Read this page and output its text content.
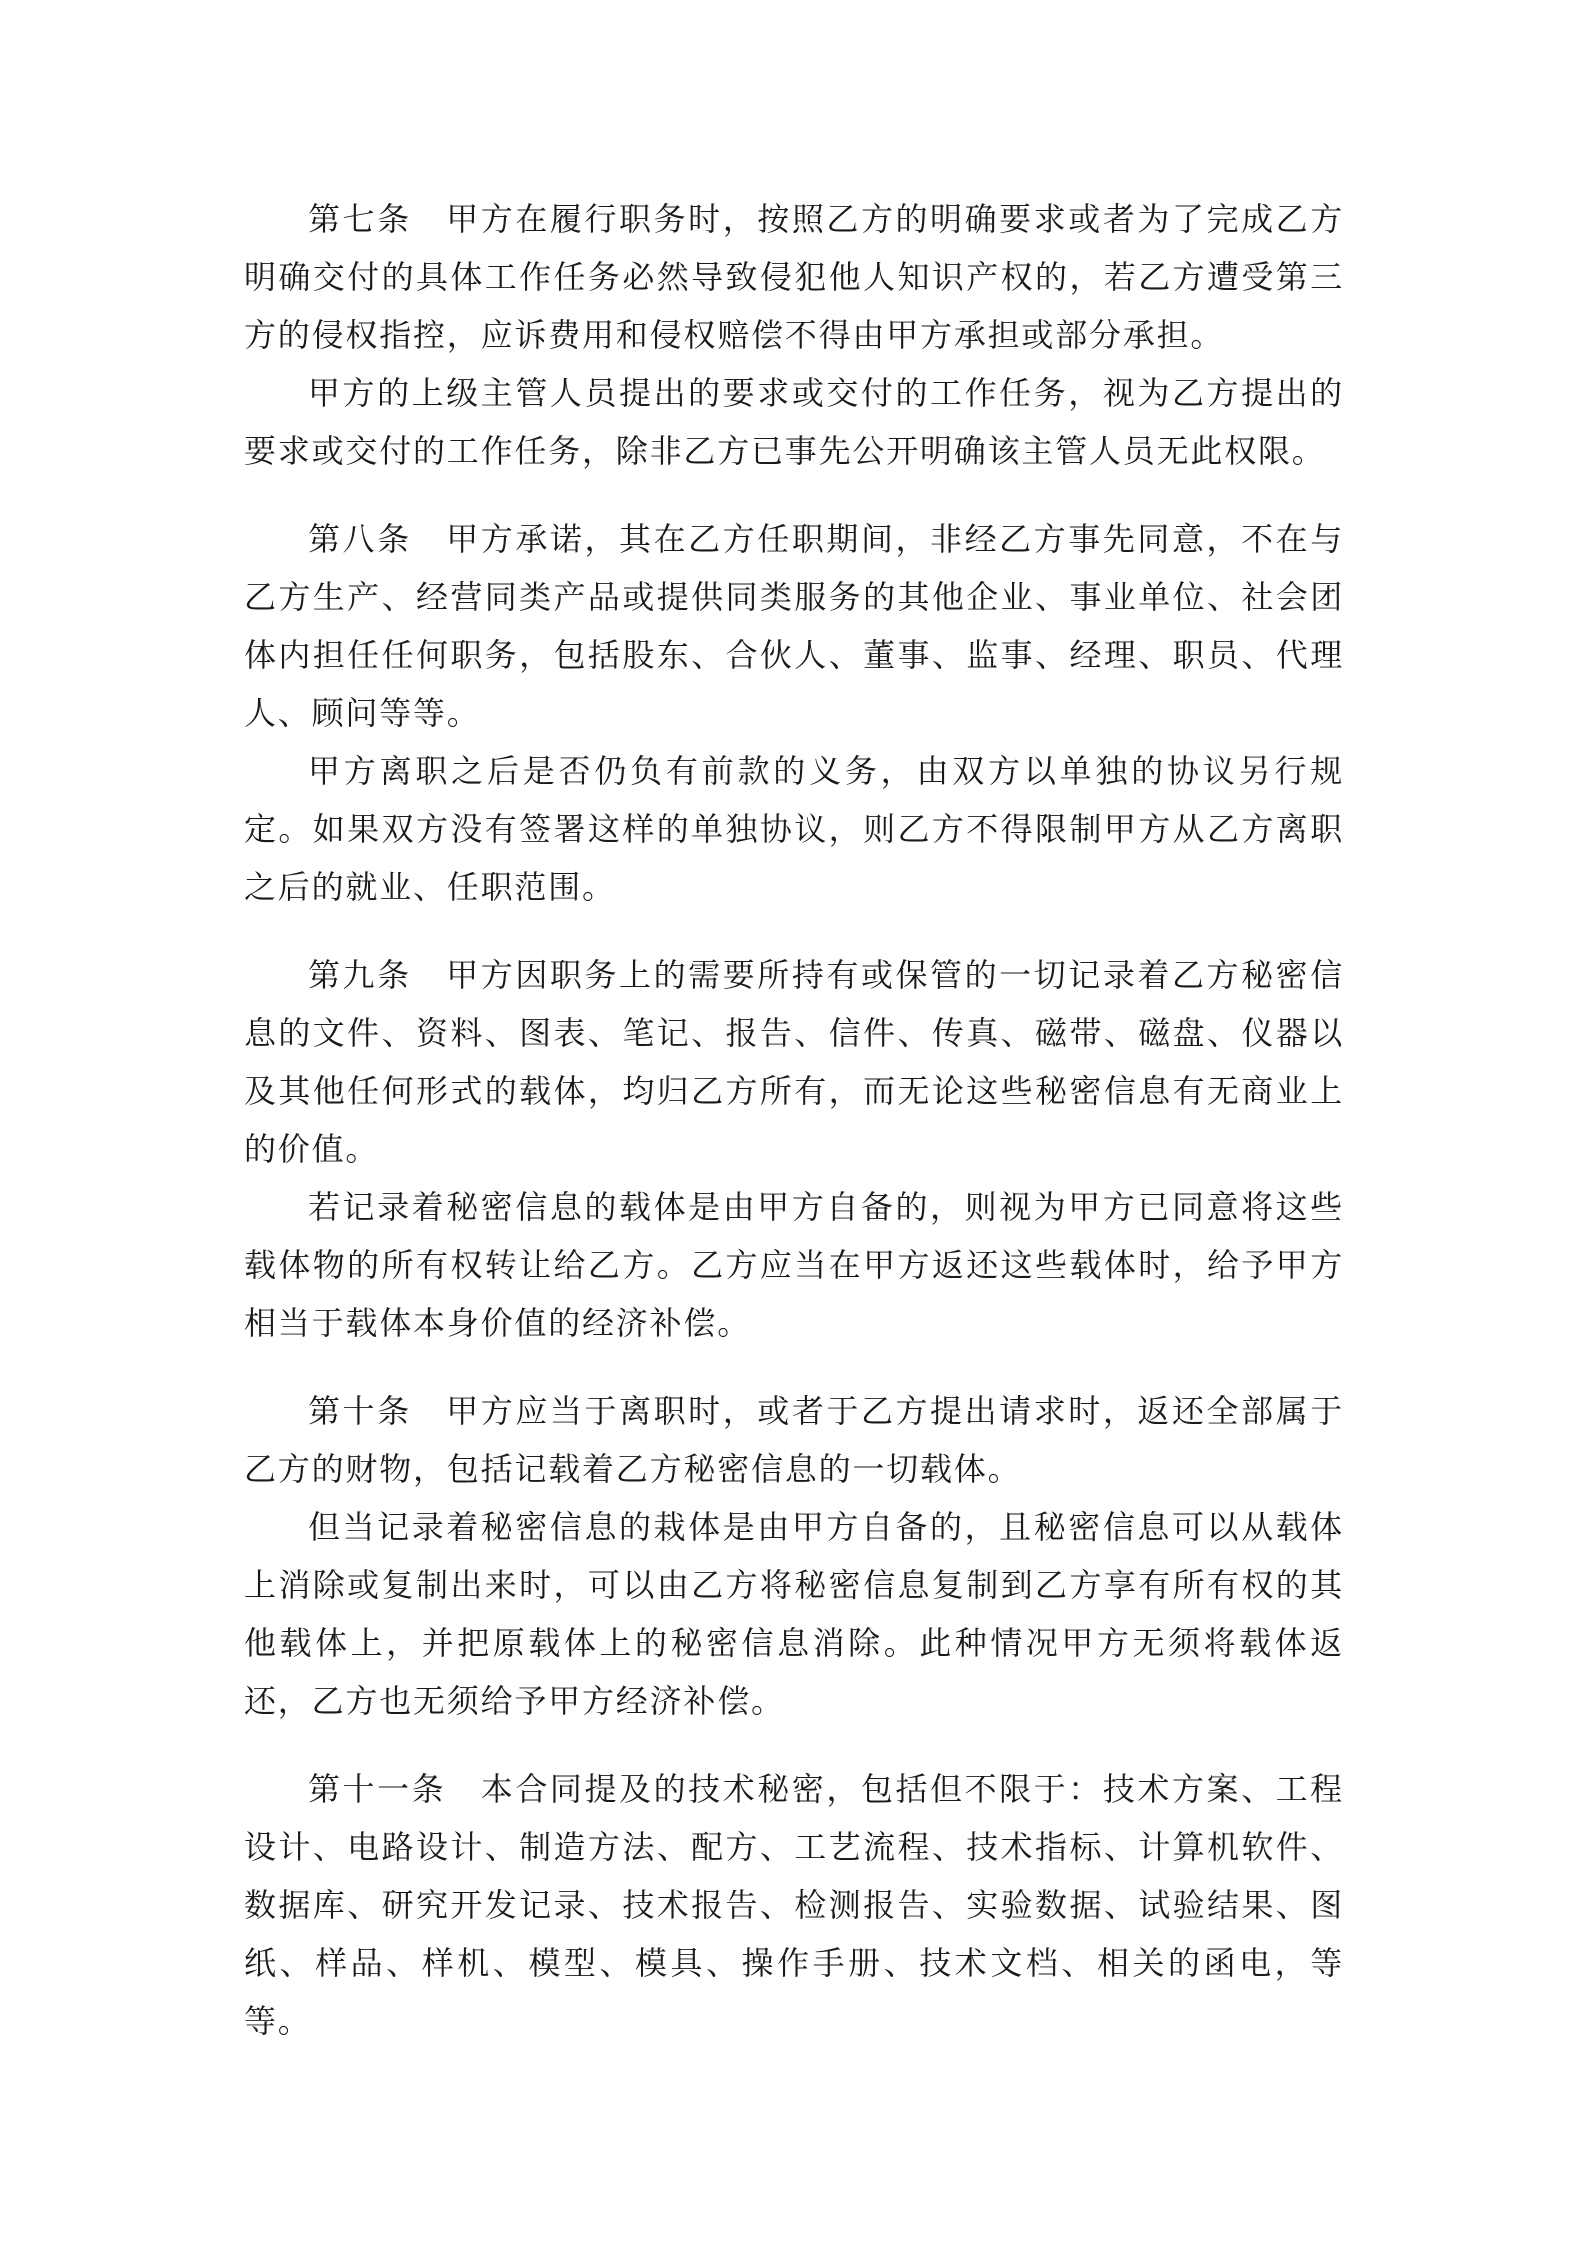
第七条　 甲方在履行职务时，按照乙方的明确要求或者为了完成乙方明确交付的具体工作任务必然导致侵犯他人知识产权的，若乙方遭受第三方的侵权指控，应诉费用和侵权赔偿不得由甲方承担或部分承担。

甲方的上级主管人员提出的要求或交付的工作任务，视为乙方提出的要求或交付的工作任务，除非乙方已事先公开明确该主管人员无此权限。

第八条　 甲方承诺，其在乙方任职期间，非经乙方事先同意，不在与乙方生产、经营同类产品或提供同类服务的其他企业、事业单位、社会团体内担任任何职务，包括股东、合伙人、董事、监事、经理、职员、代理人、顾问等等。

甲方离职之后是否仍负有前款的义务，由双方以单独的协议另行规定。如果双方没有签署这样的单独协议，则乙方不得限制甲方从乙方离职之后的就业、任职范围。

第九条　 甲方因职务上的需要所持有或保管的一切记录着乙方秘密信息的文件、资料、图表、笔记、报告、信件、传真、磁带、磁盘、仪器以及其他任何形式的载体，均归乙方所有，而无论这些秘密信息有无商业上的价值。

若记录着秘密信息的载体是由甲方自备的，则视为甲方已同意将这些载体物的所有权转让给乙方。乙方应当在甲方返还这些载体时，给予甲方相当于载体本身价值的经济补偿。

第十条　 甲方应当于离职时，或者于乙方提出请求时，返还全部属于乙方的财物，包括记载着乙方秘密信息的一切载体。

但当记录着秘密信息的栽体是由甲方自备的，且秘密信息可以从载体上消除或复制出来时，可以由乙方将秘密信息复制到乙方享有所有权的其他载体上，并把原载体上的秘密信息消除。此种情况甲方无须将载体返还，乙方也无须给予甲方经济补偿。

第十一条　 本合同提及的技术秘密，包括但不限于：技术方案、工程设计、电路设计、制造方法、配方、工艺流程、技术指标、计算机软件、数据库、研究开发记录、技术报告、检测报告、实验数据、试验结果、图纸、样品、样机、模型、模具、操作手册、技术文档、相关的函电，等等。
